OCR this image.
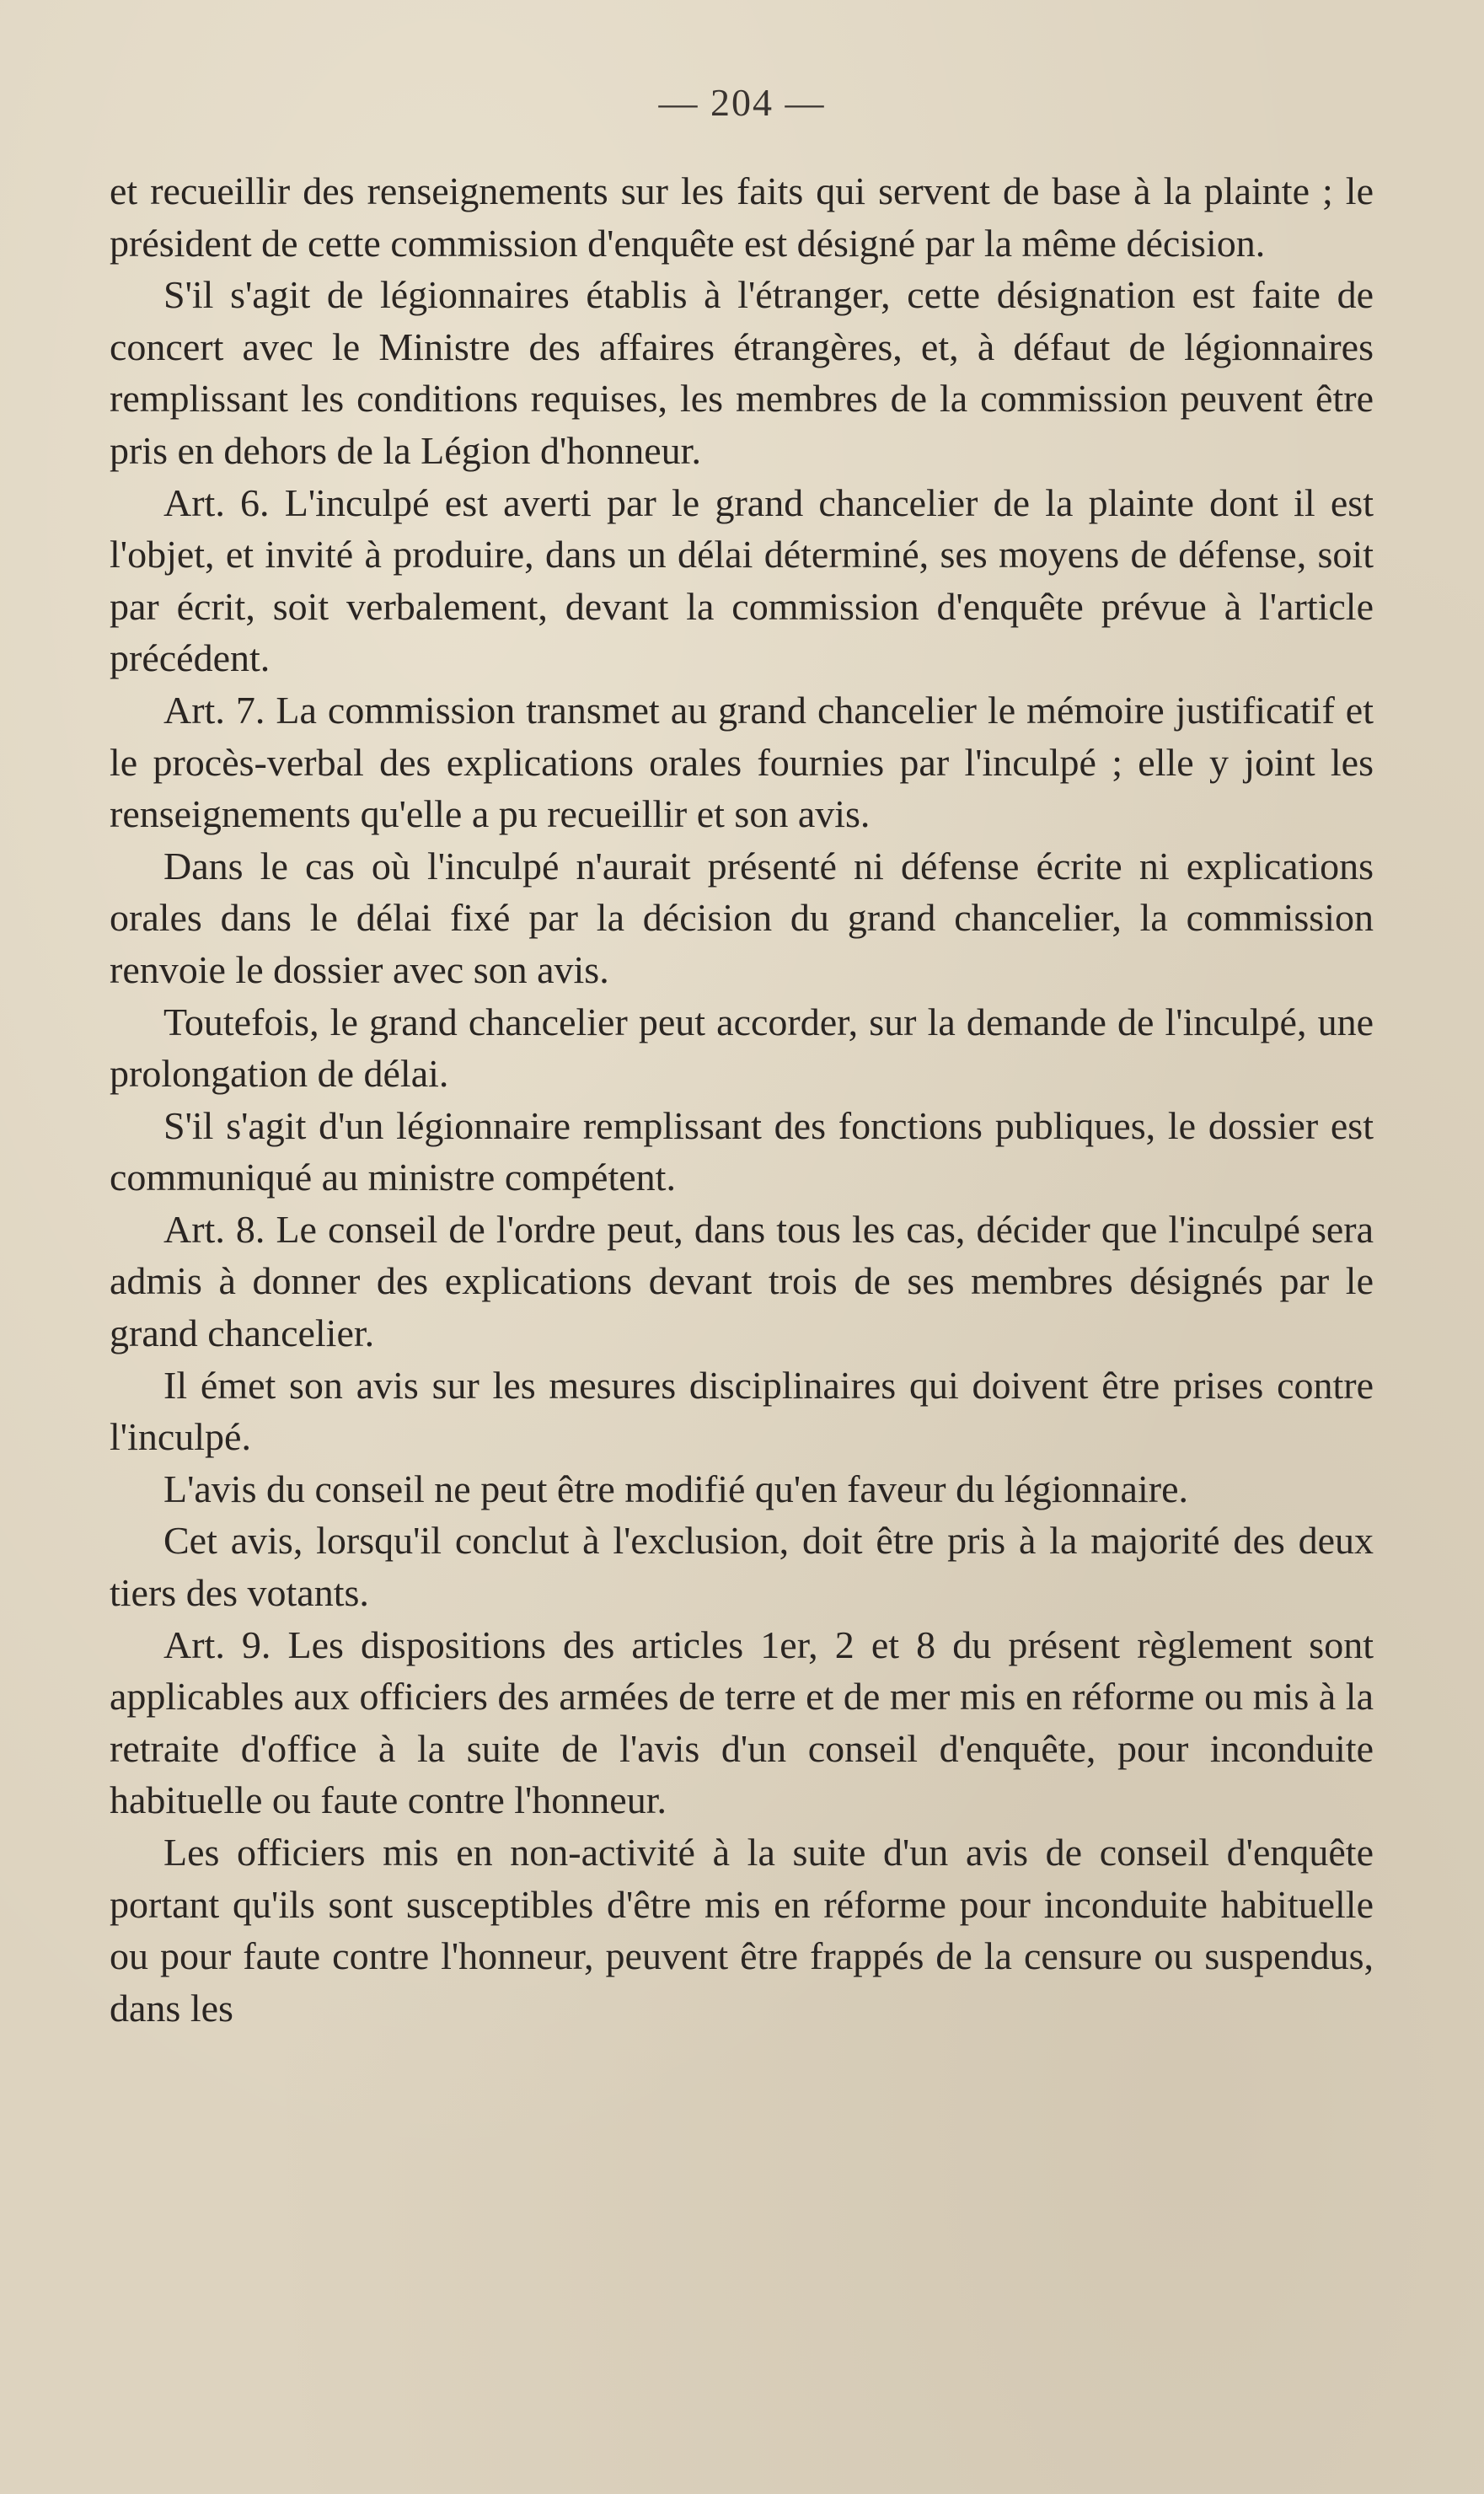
— 204 —

et recueillir des renseignements sur les faits qui servent de base à la plainte ; le président de cette commission d'enquête est désigné par la même décision.

S'il s'agit de légionnaires établis à l'étranger, cette désignation est faite de concert avec le Ministre des affaires étrangères, et, à défaut de légionnaires remplissant les conditions requises, les membres de la commission peuvent être pris en dehors de la Légion d'honneur.

Art. 6. L'inculpé est averti par le grand chancelier de la plainte dont il est l'objet, et invité à produire, dans un délai déterminé, ses moyens de défense, soit par écrit, soit verbalement, devant la commission d'enquête prévue à l'article précédent.

Art. 7. La commission transmet au grand chancelier le mémoire justificatif et le procès-verbal des explications orales fournies par l'inculpé ; elle y joint les renseignements qu'elle a pu recueillir et son avis.

Dans le cas où l'inculpé n'aurait présenté ni défense écrite ni explications orales dans le délai fixé par la décision du grand chancelier, la commission renvoie le dossier avec son avis.

Toutefois, le grand chancelier peut accorder, sur la demande de l'inculpé, une prolongation de délai.

S'il s'agit d'un légionnaire remplissant des fonctions publiques, le dossier est communiqué au ministre compétent.

Art. 8. Le conseil de l'ordre peut, dans tous les cas, décider que l'inculpé sera admis à donner des explications devant trois de ses membres désignés par le grand chancelier.

Il émet son avis sur les mesures disciplinaires qui doivent être prises contre l'inculpé.

L'avis du conseil ne peut être modifié qu'en faveur du légionnaire.

Cet avis, lorsqu'il conclut à l'exclusion, doit être pris à la majorité des deux tiers des votants.

Art. 9. Les dispositions des articles 1er, 2 et 8 du présent règlement sont applicables aux officiers des armées de terre et de mer mis en réforme ou mis à la retraite d'office à la suite de l'avis d'un conseil d'enquête, pour inconduite habituelle ou faute contre l'honneur.

Les officiers mis en non-activité à la suite d'un avis de conseil d'enquête portant qu'ils sont susceptibles d'être mis en réforme pour inconduite habituelle ou pour faute contre l'honneur, peuvent être frappés de la censure ou suspendus, dans les
